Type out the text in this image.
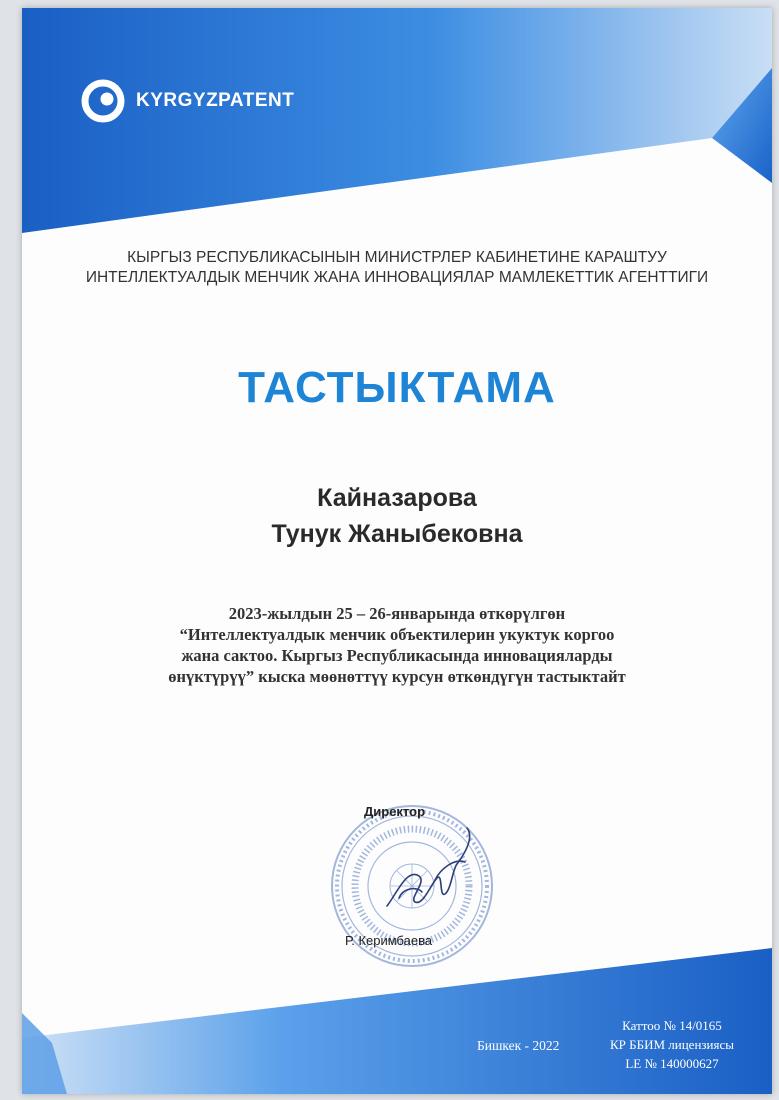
KYRGYZPATENT
КЫРГЫЗ РЕСПУБЛИКАСЫНЫН МИНИСТРЛЕР КАБИНЕТИНЕ КАРАШТУУ
ИНТЕЛЛЕКТУАЛДЫК МЕНЧИК ЖАНА ИННОВАЦИЯЛАР МАМЛЕКЕТТИК АГЕНТТИГИ
ТАСТЫКТАМА
Кайназарова
Тунук Жаныбековна
2023-жылдын 25 – 26-январында өткөрүлгөн
“Интеллектуалдык менчик объектилерин укуктук коргоо
жана сактоо. Кыргыз Республикасында инновацияларды
өнүктүрүү” кыска мөөнөттүү курсун өткөндүгүн тастыктайт
Директор
Р. Керимбаева
Бишкек - 2022
Каттоо № 14/0165
КР ББИМ лицензиясы
LE № 140000627
